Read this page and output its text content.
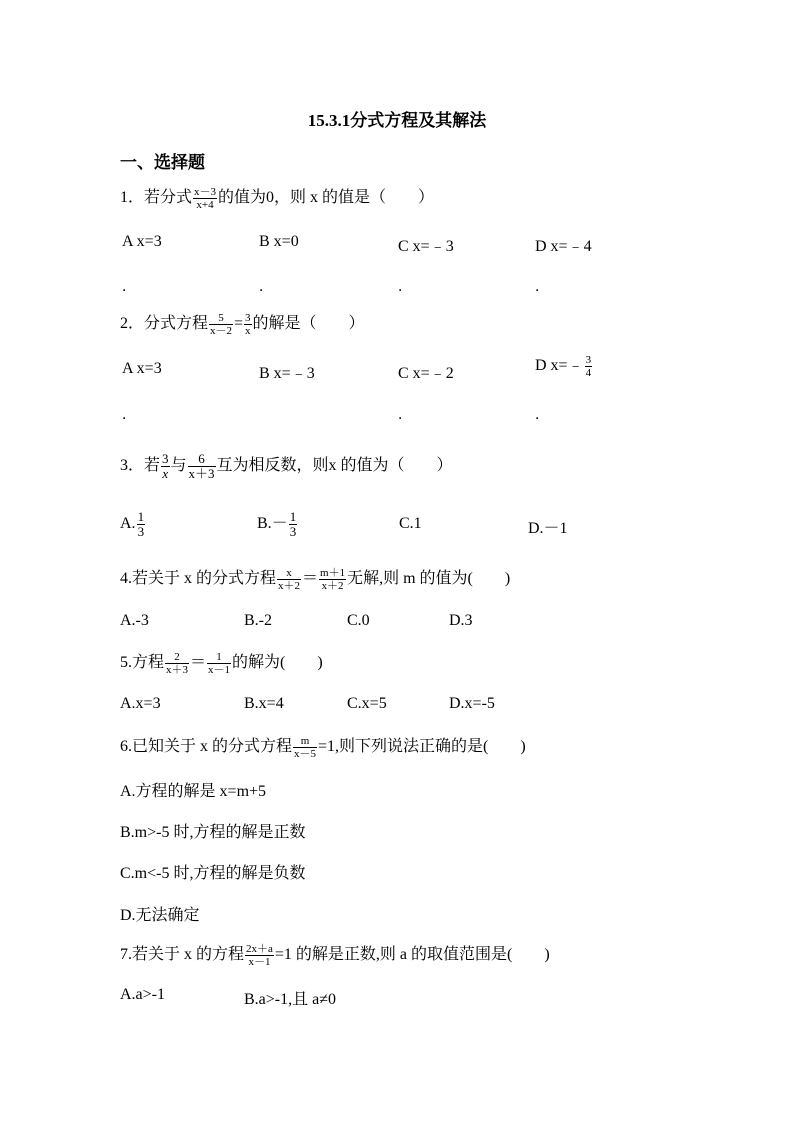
15.3.1分式方程及其解法
一、选择题
1．若分式 $\frac{x-3}{x+4}$ 的值为0，则 x 的值是（　　）
A x=3	B x=0	C x=﹣3	D x=﹣4
．	．	．	．
2．分式方程 $\frac{5}{x-2} = \frac{3}{x}$ 的解是（　　）
A x=3	B x=﹣3	C x=﹣2	D x=﹣ $\frac{3}{4}$
．	．	．
3．若 $\frac{3}{x}$ 与 $\frac{6}{x+3}$ 互为相反数，则x 的值为（　　）
A. $\frac{1}{3}$	$B.- \frac{1}{3}$	C.1	D.－1
4.若关于 x 的分式方程 $\frac{x}{x+2} = \frac{m+1}{x+2}$ 无解,则 m 的值为(　　)
A.-3	B.-2	C.0	D.3
5.方程 $\frac{2}{x+3} = \frac{1}{x-1}$ 的解为(　　)
A.x=3	B.x=4	C.x=5	D.x=-5
6.已知关于 x 的分式方程 $\frac{m}{x-5} =1$,则下列说法正确的是(　　)
A.方程的解是 x=m+5
B.m>-5 时,方程的解是正数
C.m<-5 时,方程的解是负数
D.无法确定
7.若关于 x 的方程 $\frac{2x+a}{x-1} =1$ 的解是正数,则 a 的取值范围是(　　)
A.a>-1	B.a>-1,且 a≠0
